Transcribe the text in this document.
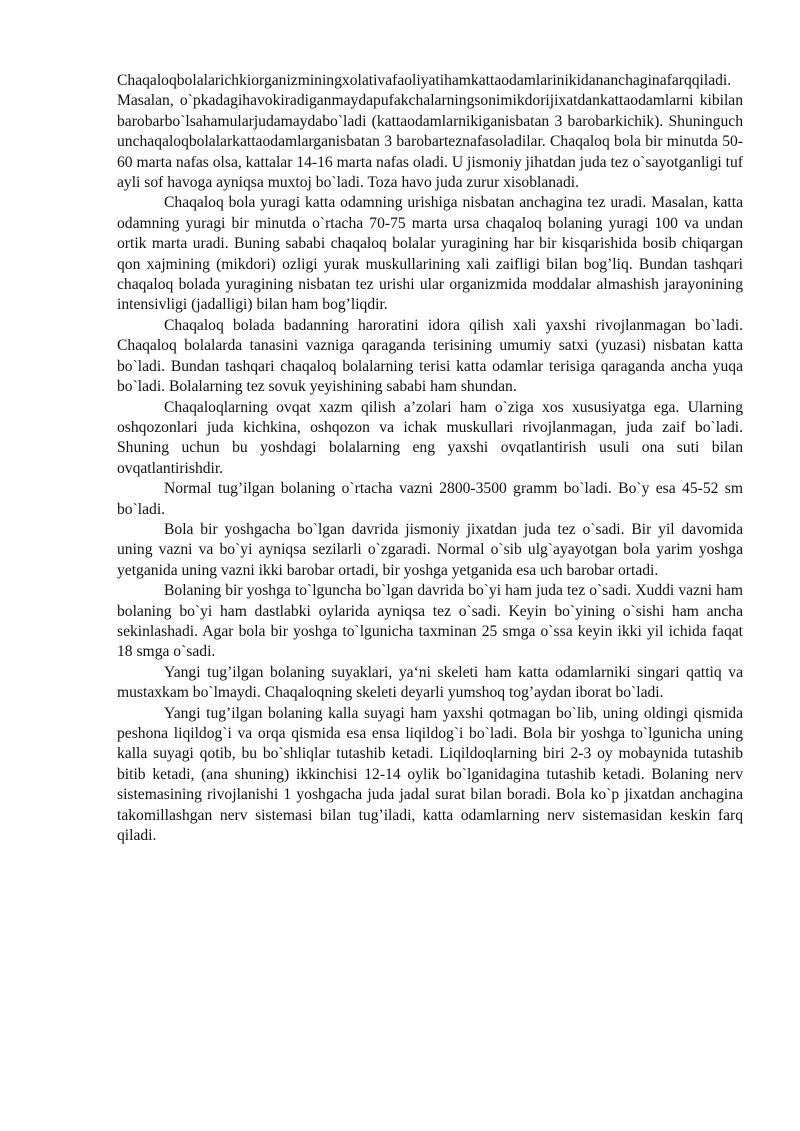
Chaqaloqbolalarichkiorganizminingxolativafaoliyatihamkattaodamlarinikidananchaginafarqqiladi. Masalan, o`pkadagihavokiradiganmaydapufakchalarningsonimikdorijixatdankattaodamlarni kibilanbarobarbo`lsahamularjudamaydabo`ladi (kattaodamlarnikiganisbatan 3 barobarkichik). Shuninguchunchaqaloqbolalarkattaodamlarganisbatan 3 barobarteznafasoladilar. Chaqaloq bola bir minutda 50-60 marta nafas olsa, kattalar 14-16 marta nafas oladi. U jismoniy jihatdan juda tez o`sayotganligi tufayli sof havoga ayniqsa muxtoj bo`ladi. Toza havo juda zurur xisoblanadi.

Chaqaloq bola yuragi katta odamning urishiga nisbatan anchagina tez uradi. Masalan, katta odamning yuragi bir minutda o`rtacha 70-75 marta ursa chaqaloq bolaning yuragi 100 va undan ortik marta uradi. Buning sababi chaqaloq bolalar yuragining har bir kisqarishida bosib chiqargan qon xajmining (mikdori) ozligi yurak muskullarining xali zaifligi bilan bog’liq. Bundan tashqari chaqaloq bolada yuragining nisbatan tez urishi ular organizmida moddalar almashish jarayonining intensivligi (jadalligi) bilan ham bog’liqdir.

Chaqaloq bolada badanning haroratini idora qilish xali yaxshi rivojlanmagan bo`ladi. Chaqaloq bolalarda tanasini vazniga qaraganda terisining umumiy satxi (yuzasi) nisbatan katta bo`ladi. Bundan tashqari chaqaloq bolalarning terisi katta odamlar terisiga qaraganda ancha yuqa bo`ladi. Bolalarning tez sovuk yeyishining sababi ham shundan.

Chaqaloqlarning ovqat xazm qilish a’zolari ham o`ziga xos xususiyatga ega. Ularning oshqozonlari juda kichkina, oshqozon va ichak muskullari rivojlanmagan, juda zaif bo`ladi. Shuning uchun bu yoshdagi bolalarning eng yaxshi ovqatlantirish usuli ona suti bilan ovqatlantirishdir.

Normal tug’ilgan bolaning o`rtacha vazni 2800-3500 gramm bo`ladi. Bo`y esa 45-52 sm bo`ladi.

Bola bir yoshgacha bo`lgan davrida jismoniy jixatdan juda tez o`sadi. Bir yil davomida uning vazni va bo`yi ayniqsa sezilarli o`zgaradi. Normal o`sib ulg`ayayotgan bola yarim yoshga yetganida uning vazni ikki barobar ortadi, bir yoshga yetganida esa uch barobar ortadi.

Bolaning bir yoshga to`lguncha bo`lgan davrida bo`yi ham juda tez o`sadi. Xuddi vazni ham bolaning bo`yi ham dastlabki oylarida ayniqsa tez o`sadi. Keyin bo`yining o`sishi ham ancha sekinlashadi. Agar bola bir yoshga to`lgunicha taxminan 25 smga o`ssa keyin ikki yil ichida faqat 18 smga o`sadi.

Yangi tug’ilgan bolaning suyaklari, ya‘ni skeleti ham katta odamlarniki singari qattiq va mustaxkam bo`lmaydi. Chaqaloqning skeleti deyarli yumshoq tog’aydan iborat bo`ladi.

Yangi tug’ilgan bolaning kalla suyagi ham yaxshi qotmagan bo`lib, uning oldingi qismida peshona liqildog`i va orqa qismida esa ensa liqildog`i bo`ladi. Bola bir yoshga to`lgunicha uning kalla suyagi qotib, bu bo`shliqlar tutashib ketadi. Liqildoqlarning biri 2-3 oy mobaynida tutashib bitib ketadi, (ana shuning) ikkinchisi 12-14 oylik bo`lganidagina tutashib ketadi. Bolaning nerv sistemasining rivojlanishi 1 yoshgacha juda jadal surat bilan boradi. Bola ko`p jixatdan anchagina takomillashgan nerv sistemasi bilan tug’iladi, katta odamlarning nerv sistemasidan keskin farq qiladi.
